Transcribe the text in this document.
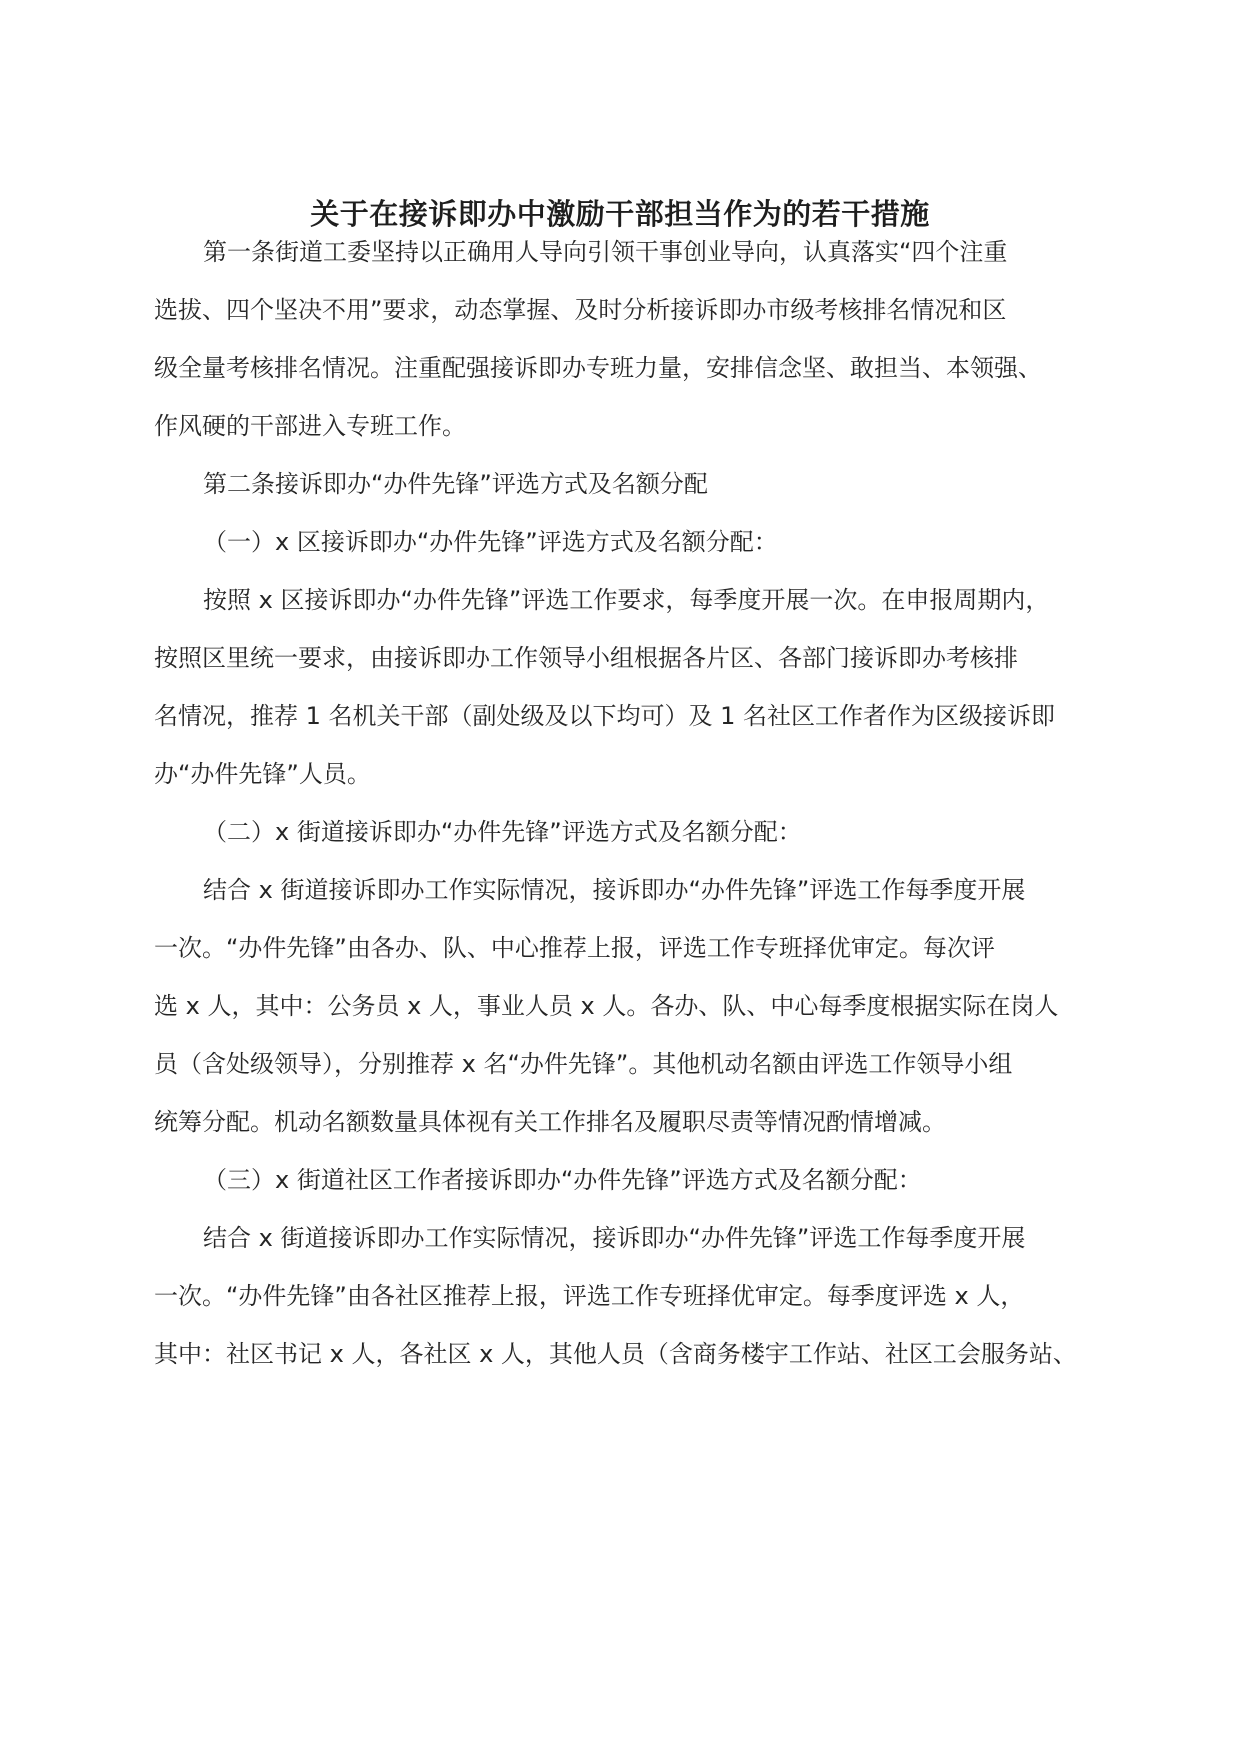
关于在接诉即办中激励干部担当作为的若干措施
第一条街道工委坚持以正确用人导向引领干事创业导向，认真落实“四个注重
选拔、四个坚决不用”要求，动态掌握、及时分析接诉即办市级考核排名情况和区
级全量考核排名情况。注重配强接诉即办专班力量，安排信念坚、敢担当、本领强、
作风硬的干部进入专班工作。
第二条接诉即办“办件先锋”评选方式及名额分配
（一）x 区接诉即办“办件先锋”评选方式及名额分配：
按照 x 区接诉即办“办件先锋”评选工作要求，每季度开展一次。在申报周期内，
按照区里统一要求，由接诉即办工作领导小组根据各片区、各部门接诉即办考核排
名情况，推荐 1 名机关干部（副处级及以下均可）及 1 名社区工作者作为区级接诉即
办“办件先锋”人员。
（二）x 街道接诉即办“办件先锋”评选方式及名额分配：
结合 x 街道接诉即办工作实际情况，接诉即办“办件先锋”评选工作每季度开展
一次。“办件先锋”由各办、队、中心推荐上报，评选工作专班择优审定。每次评
选 x 人，其中：公务员 x 人，事业人员 x 人。各办、队、中心每季度根据实际在岗人
员（含处级领导），分别推荐 x 名“办件先锋”。其他机动名额由评选工作领导小组
统筹分配。机动名额数量具体视有关工作排名及履职尽责等情况酌情增减。
（三）x 街道社区工作者接诉即办“办件先锋”评选方式及名额分配：
结合 x 街道接诉即办工作实际情况，接诉即办“办件先锋”评选工作每季度开展
一次。“办件先锋”由各社区推荐上报，评选工作专班择优审定。每季度评选 x 人，
其中：社区书记 x 人，各社区 x 人，其他人员（含商务楼宇工作站、社区工会服务站、
